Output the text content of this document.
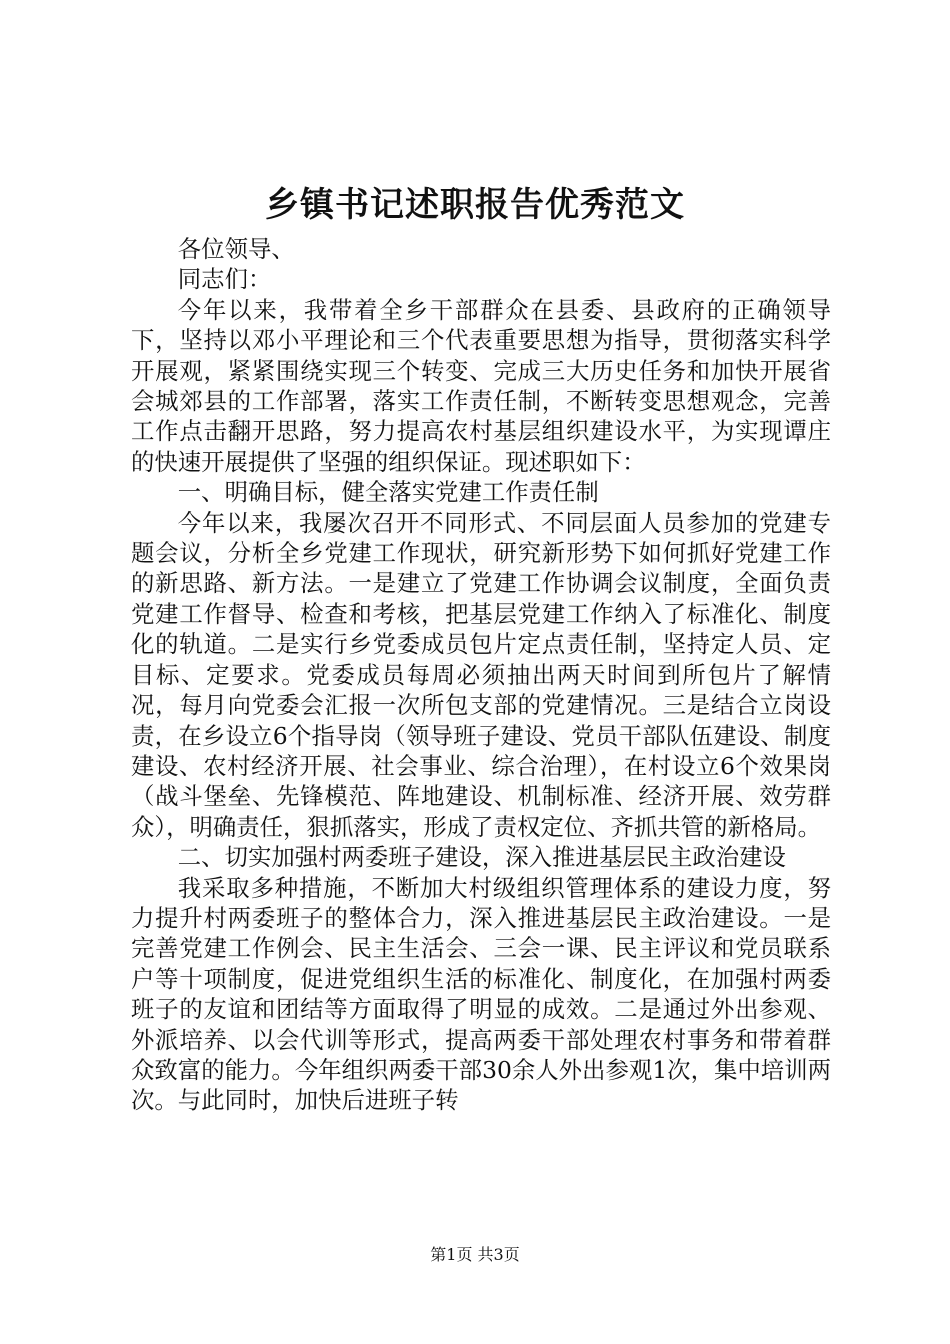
乡镇书记述职报告优秀范文

各位领导、

同志们：

今年以来，我带着全乡干部群众在县委、县政府的正确领导下，坚持以邓小平理论和三个代表重要思想为指导，贯彻落实科学开展观，紧紧围绕实现三个转变、完成三大历史任务和加快开展省会城郊县的工作部署，落实工作责任制，不断转变思想观念，完善工作点击翻开思路，努力提高农村基层组织建设水平，为实现谭庄的快速开展提供了坚强的组织保证。现述职如下：

一、明确目标，健全落实党建工作责任制

今年以来，我屡次召开不同形式、不同层面人员参加的党建专题会议，分析全乡党建工作现状，研究新形势下如何抓好党建工作的新思路、新方法。一是建立了党建工作协调会议制度，全面负责党建工作督导、检查和考核，把基层党建工作纳入了标准化、制度化的轨道。二是实行乡党委成员包片定点责任制，坚持定人员、定目标、定要求。党委成员每周必须抽出两天时间到所包片了解情况，每月向党委会汇报一次所包支部的党建情况。三是结合立岗设责，在乡设立6个指导岗（领导班子建设、党员干部队伍建设、制度建设、农村经济开展、社会事业、综合治理），在村设立6个效果岗（战斗堡垒、先锋模范、阵地建设、机制标准、经济开展、效劳群众），明确责任，狠抓落实，形成了责权定位、齐抓共管的新格局。

二、切实加强村两委班子建设，深入推进基层民主政治建设

我采取多种措施，不断加大村级组织管理体系的建设力度，努力提升村两委班子的整体合力，深入推进基层民主政治建设。一是完善党建工作例会、民主生活会、三会一课、民主评议和党员联系户等十项制度，促进党组织生活的标准化、制度化，在加强村两委班子的友谊和团结等方面取得了明显的成效。二是通过外出参观、外派培养、以会代训等形式，提高两委干部处理农村事务和带着群众致富的能力。今年组织两委干部30余人外出参观1次，集中培训两次。与此同时，加快后进班子转

第1页 共3页
